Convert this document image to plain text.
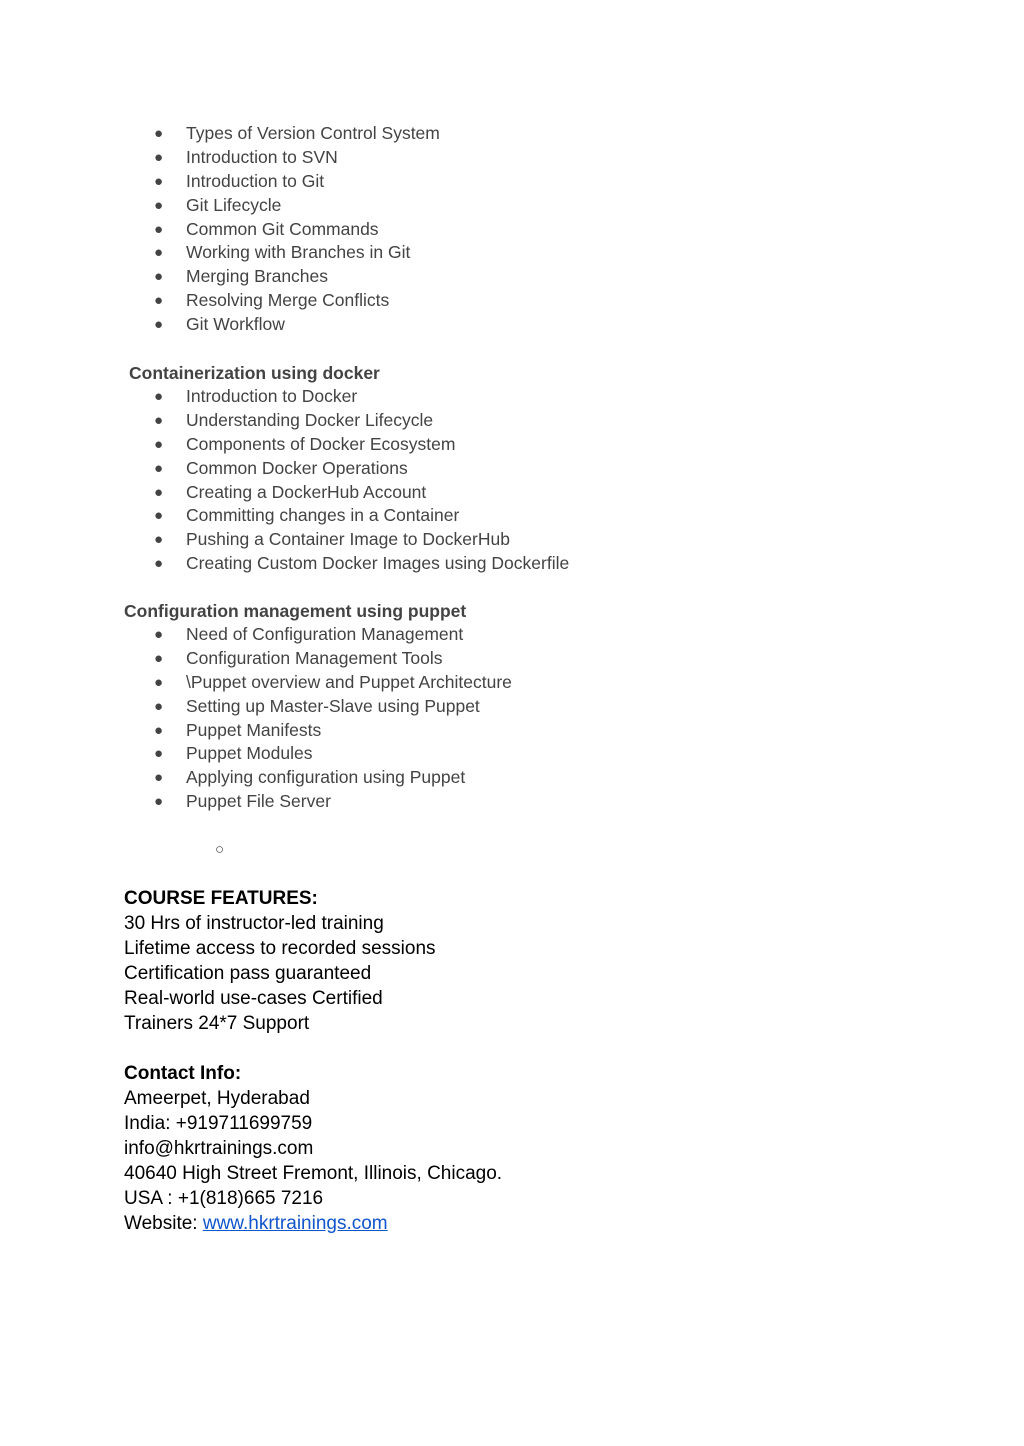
● Types of Version Control System
● Introduction to SVN
● Introduction to Git
● Git Lifecycle
● Common Git Commands
● Working with Branches in Git
● Merging Branches
● Resolving Merge Conflicts
● Git Workflow
Containerization using docker
● Introduction to Docker
● Understanding Docker Lifecycle
● Components of Docker Ecosystem
● Common Docker Operations
● Creating a DockerHub Account
● Committing changes in a Container
● Pushing a Container Image to DockerHub
● Creating Custom Docker Images using Dockerfile
Configuration management using puppet
● Need of Configuration Management
● Configuration Management Tools
● \Puppet overview and Puppet Architecture
● Setting up Master-Slave using Puppet
● Puppet Manifests
● Puppet Modules
● Applying configuration using Puppet
● Puppet File Server
○
COURSE FEATURES:
30 Hrs of instructor-led training
Lifetime access to recorded sessions
Certification pass guaranteed
Real-world use-cases Certified
Trainers 24*7 Support
Contact Info:
Ameerpet, Hyderabad
India: +919711699759
info@hkrtrainings.com
40640 High Street Fremont, Illinois, Chicago.
USA : +1(818)665 7216
Website: www.hkrtrainings.com
